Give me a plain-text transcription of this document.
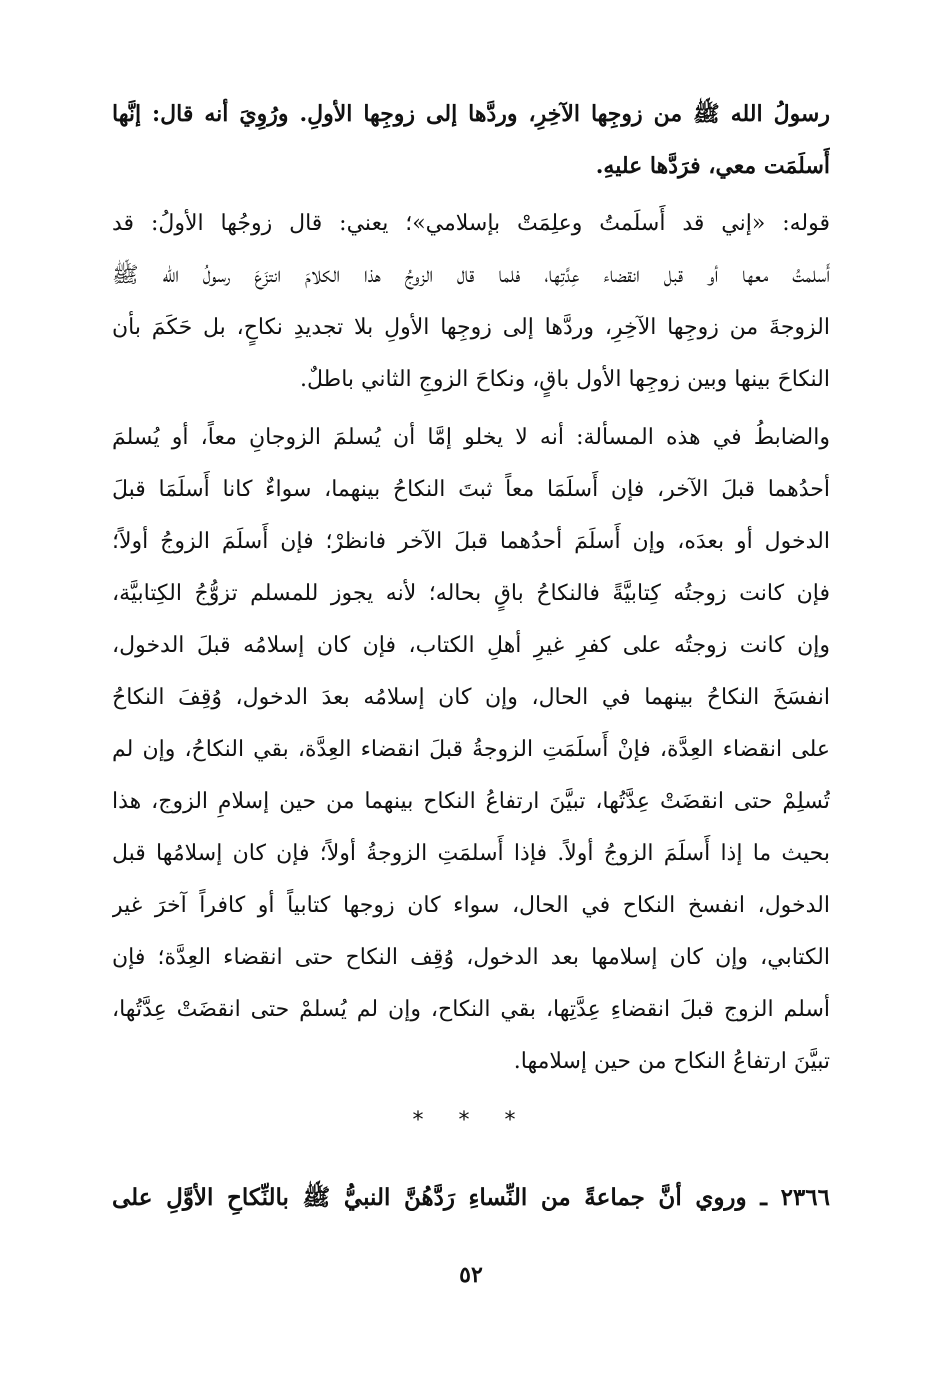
رسولُ الله ﷺ من زوجِها الآخِرِ، وردَّها إلى زوجِها الأولِ. ورُوِيَ أنه قال: إنَّها
أَسلَمَت معي، فرَدَّها عليهِ.
قوله: «إني قد أَسلَمتُ وعلِمَتْ بإسلامي»؛ يعني: قال زوجُها الأولُ: قد
أَسلمتُ معها أو قبل انقضاء عِدَّتِها، فلما قال الزوجُ هذا الكلامَ انتزَعَ رسولُ الله ﷺ
الزوجةَ من زوجِها الآخِرِ، وردَّها إلى زوجِها الأولِ بلا تجديدِ نكاحٍ، بل حَكَمَ بأن
النكاحَ بينها وبين زوجِها الأول باقٍ، ونكاحَ الزوجِ الثاني باطلٌ.
والضابطُ في هذه المسألة: أنه لا يخلو إمَّا أن يُسلمَ الزوجانِ معاً، أو يُسلمَ
أحدُهما قبلَ الآخر، فإن أَسلَمَا معاً ثبتَ النكاحُ بينهما، سواءٌ كانا أَسلَمَا قبلَ
الدخول أو بعدَه، وإن أَسلَمَ أحدُهما قبلَ الآخر فانظرْ؛ فإن أَسلَمَ الزوجُ أولاً؛
فإن كانت زوجتُه كِتابيَّةً فالنكاحُ باقٍ بحاله؛ لأنه يجوز للمسلم تزوُّجُ الكِتابيَّة،
وإن كانت زوجتُه على كفرِ غيرِ أهلِ الكتاب، فإن كان إسلامُه قبلَ الدخول،
انفسَخَ النكاحُ بينهما في الحال، وإن كان إسلامُه بعدَ الدخول، وُقِفَ النكاحُ
على انقضاء العِدَّة، فإنْ أَسلَمَتِ الزوجةُ قبلَ انقضاء العِدَّة، بقي النكاحُ، وإن لم
تُسلِمْ حتى انقضَتْ عِدَّتُها، تبيَّنَ ارتفاعُ النكاح بينهما من حين إسلامِ الزوج، هذا
بحيث ما إذا أَسلَمَ الزوجُ أولاً. فإذا أَسلمَتِ الزوجةُ أولاً؛ فإن كان إسلامُها قبل
الدخول، انفسخ النكاح في الحال، سواء كان زوجها كتابياً أو كافراً آخرَ غير
الكتابي، وإن كان إسلامها بعد الدخول، وُقِف النكاح حتى انقضاء العِدَّة؛ فإن
أسلم الزوج قبلَ انقضاءِ عِدَّتِها، بقي النكاح، وإن لم يُسلمْ حتى انقضَتْ عِدَّتُها،
تبيَّنَ ارتفاعُ النكاح من حين إسلامها.
* * *
٢٣٦٦ ـ وروي أنَّ جماعةً من النِّساءِ رَدَّهُنَّ النبيُّ ﷺ بالنِّكاحِ الأوَّلِ على
٥٢
